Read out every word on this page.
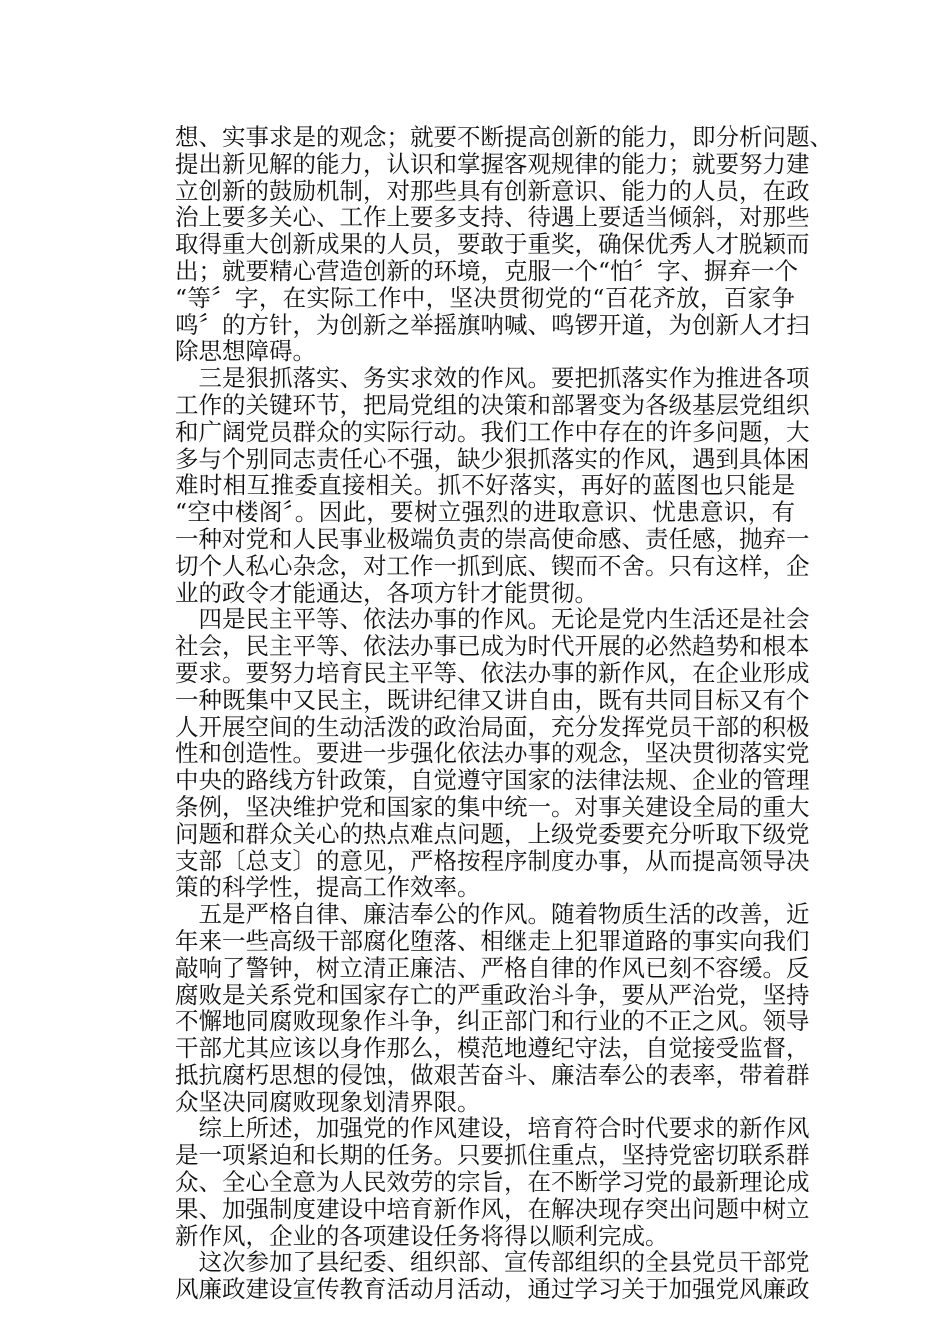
想、实事求是的观念；就要不断提高创新的能力，即分析问题、
提出新见解的能力，认识和掌握客观规律的能力；就要努力建
立创新的鼓励机制，对那些具有创新意识、能力的人员，在政
治上要多关心、工作上要多支持、待遇上要适当倾斜，对那些
取得重大创新成果的人员，要敢于重奖，确保优秀人才脱颖而
出；就要精心营造创新的环境，克服一个“怕〞字、摒弃一个
“等〞字，在实际工作中，坚决贯彻党的“百花齐放，百家争
鸣〞的方针，为创新之举摇旗呐喊、鸣锣开道，为创新人才扫
除思想障碍。
　三是狠抓落实、务实求效的作风。要把抓落实作为推进各项
工作的关键环节，把局党组的决策和部署变为各级基层党组织
和广阔党员群众的实际行动。我们工作中存在的许多问题，大
多与个别同志责任心不强，缺少狠抓落实的作风，遇到具体困
难时相互推委直接相关。抓不好落实，再好的蓝图也只能是
“空中楼阁〞。因此，要树立强烈的进取意识、忧患意识，有
一种对党和人民事业极端负责的崇高使命感、责任感，抛弃一
切个人私心杂念，对工作一抓到底、锲而不舍。只有这样，企
业的政令才能通达，各项方针才能贯彻。
　四是民主平等、依法办事的作风。无论是党内生活还是社会
社会，民主平等、依法办事已成为时代开展的必然趋势和根本
要求。要努力培育民主平等、依法办事的新作风，在企业形成
一种既集中又民主，既讲纪律又讲自由，既有共同目标又有个
人开展空间的生动活泼的政治局面，充分发挥党员干部的积极
性和创造性。要进一步强化依法办事的观念，坚决贯彻落实党
中央的路线方针政策，自觉遵守国家的法律法规、企业的管理
条例，坚决维护党和国家的集中统一。对事关建设全局的重大
问题和群众关心的热点难点问题，上级党委要充分听取下级党
支部〔总支〕的意见，严格按程序制度办事，从而提高领导决
策的科学性，提高工作效率。
　五是严格自律、廉洁奉公的作风。随着物质生活的改善，近
年来一些高级干部腐化堕落、相继走上犯罪道路的事实向我们
敲响了警钟，树立清正廉洁、严格自律的作风已刻不容缓。反
腐败是关系党和国家存亡的严重政治斗争，要从严治党，坚持
不懈地同腐败现象作斗争，纠正部门和行业的不正之风。领导
干部尤其应该以身作那么，模范地遵纪守法，自觉接受监督，
抵抗腐朽思想的侵蚀，做艰苦奋斗、廉洁奉公的表率，带着群
众坚决同腐败现象划清界限。
　综上所述，加强党的作风建设，培育符合时代要求的新作风
是一项紧迫和长期的任务。只要抓住重点，坚持党密切联系群
众、全心全意为人民效劳的宗旨，在不断学习党的最新理论成
果、加强制度建设中培育新作风，在解决现存突出问题中树立
新作风，企业的各项建设任务将得以顺利完成。
　这次参加了县纪委、组织部、宣传部组织的全县党员干部党
风廉政建设宣传教育活动月活动，通过学习关于加强党风廉政
